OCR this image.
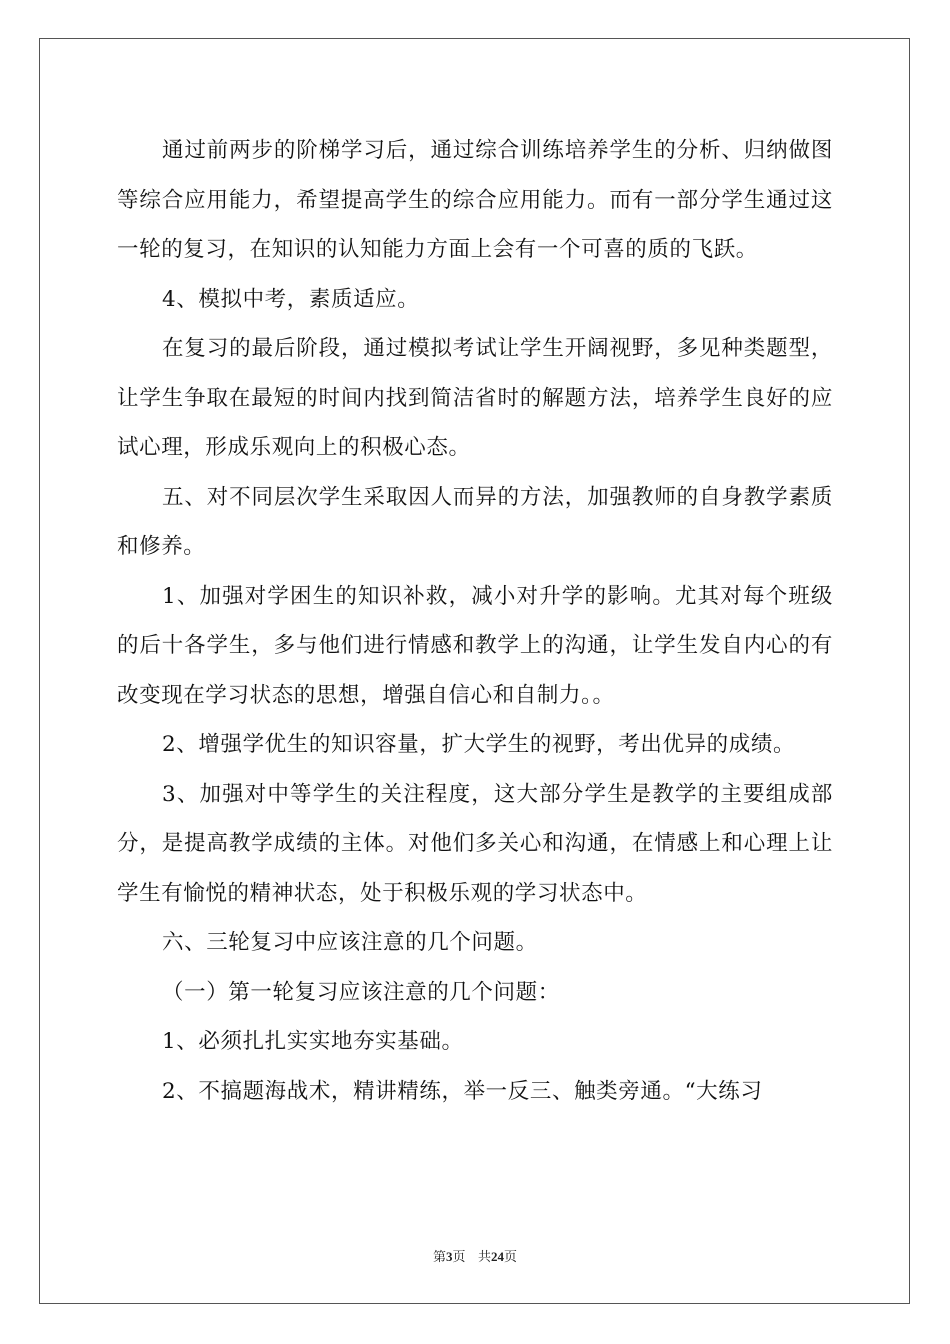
通过前两步的阶梯学习后，通过综合训练培养学生的分析、归纳做图等综合应用能力，希望提高学生的综合应用能力。而有一部分学生通过这一轮的复习，在知识的认知能力方面上会有一个可喜的质的飞跃。

4、模拟中考，素质适应。

在复习的最后阶段，通过模拟考试让学生开阔视野，多见种类题型，让学生争取在最短的时间内找到简洁省时的解题方法，培养学生良好的应试心理，形成乐观向上的积极心态。

五、对不同层次学生采取因人而异的方法，加强教师的自身教学素质和修养。

1、加强对学困生的知识补救，减小对升学的影响。尤其对每个班级的后十各学生，多与他们进行情感和教学上的沟通，让学生发自内心的有改变现在学习状态的思想，增强自信心和自制力。。

2、增强学优生的知识容量，扩大学生的视野，考出优异的成绩。

3、加强对中等学生的关注程度，这大部分学生是教学的主要组成部分，是提高教学成绩的主体。对他们多关心和沟通，在情感上和心理上让学生有愉悦的精神状态，处于积极乐观的学习状态中。

六、三轮复习中应该注意的几个问题。

（一）第一轮复习应该注意的几个问题：

1、必须扎扎实实地夯实基础。

2、不搞题海战术，精讲精练，举一反三、触类旁通。“大练习

第3页 共24页
